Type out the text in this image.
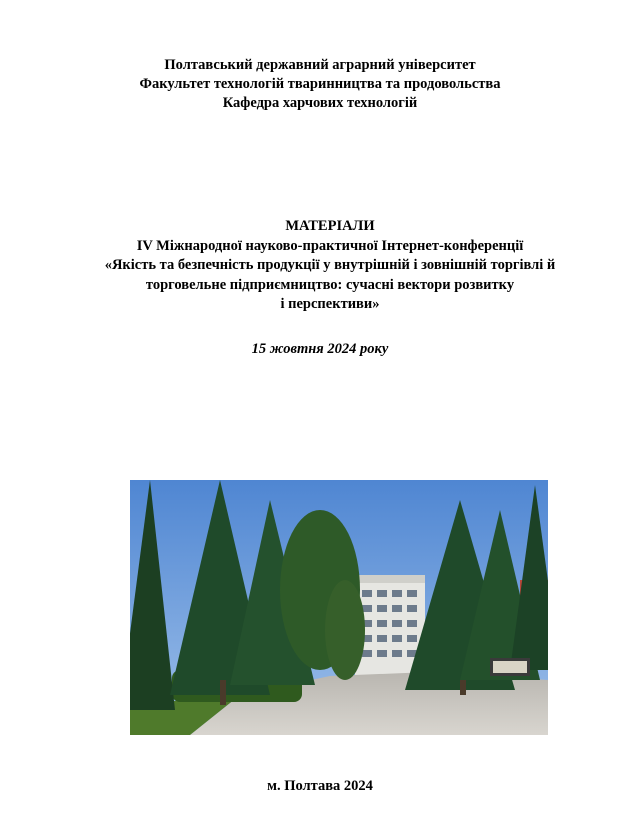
Полтавський державний аграрний університет
Факультет технологій тваринництва та продовольства
Кафедра харчових технологій
МАТЕРІАЛИ
IV Міжнародної науково-практичної Інтернет-конференції
«Якість та безпечність продукції у внутрішній і зовнішній торгівлі й
торговельне підприємництво: сучасні вектори розвитку
і перспективи»
15 жовтня 2024 року
м. Полтава 2024
